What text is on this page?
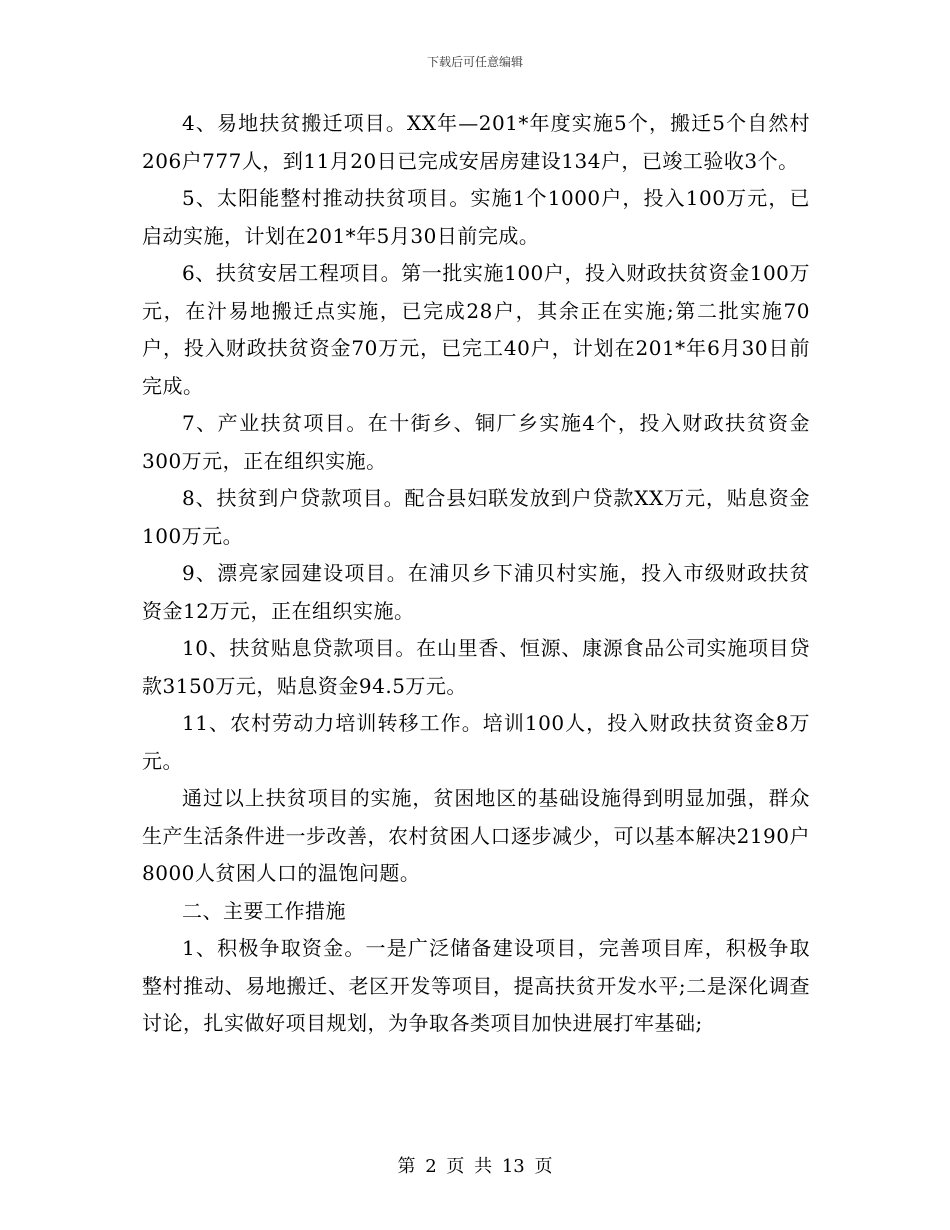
下载后可任意编辑

4、易地扶贫搬迁项目。XX年—201*年度实施5个，搬迁5个自然村206户777人，到11月20日已完成安居房建设134户，已竣工验收3个。

5、太阳能整村推动扶贫项目。实施1个1000户，投入100万元，已启动实施，计划在201*年5月30日前完成。

6、扶贫安居工程项目。第一批实施100户，投入财政扶贫资金100万元，在汁易地搬迁点实施，已完成28户，其余正在实施;第二批实施70户，投入财政扶贫资金70万元，已完工40户，计划在201*年6月30日前完成。

7、产业扶贫项目。在十街乡、铜厂乡实施4个，投入财政扶贫资金300万元，正在组织实施。

8、扶贫到户贷款项目。配合县妇联发放到户贷款XX万元，贴息资金100万元。

9、漂亮家园建设项目。在浦贝乡下浦贝村实施，投入市级财政扶贫资金12万元，正在组织实施。

10、扶贫贴息贷款项目。在山里香、恒源、康源食品公司实施项目贷款3150万元，贴息资金94.5万元。

11、农村劳动力培训转移工作。培训100人，投入财政扶贫资金8万元。

通过以上扶贫项目的实施，贫困地区的基础设施得到明显加强，群众生产生活条件进一步改善，农村贫困人口逐步减少，可以基本解决2190户8000人贫困人口的温饱问题。

二、主要工作措施

1、积极争取资金。一是广泛储备建设项目，完善项目库，积极争取整村推动、易地搬迁、老区开发等项目，提高扶贫开发水平;二是深化调查讨论，扎实做好项目规划，为争取各类项目加快进展打牢基础;

第 2 页 共 13 页
